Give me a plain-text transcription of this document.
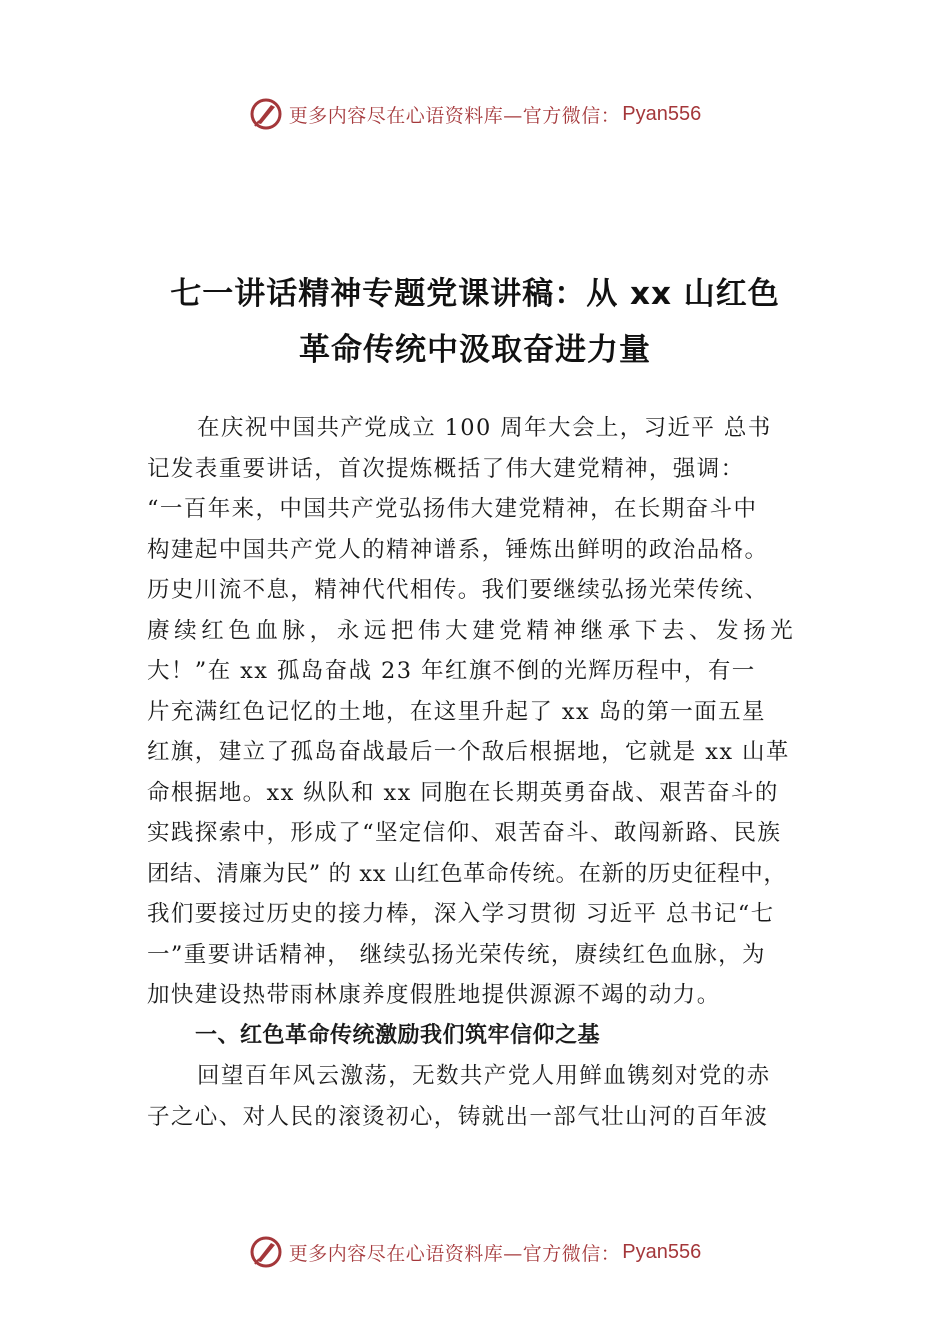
更多内容尽在心语资料库—官方微信： Pyan556
七一讲话精神专题党课讲稿：从 xx 山红色
革命传统中汲取奋进力量
在庆祝中国共产党成立 100 周年大会上，习近平 总书
记发表重要讲话，首次提炼概括了伟大建党精神，强调：
“一百年来，中国共产党弘扬伟大建党精神，在长期奋斗中
构建起中国共产党人的精神谱系，锤炼出鲜明的政治品格。
历史川流不息，精神代代相传。我们要继续弘扬光荣传统、
赓续红色血脉，永远把伟大建党精神继承下去、发扬光
大！”在 xx 孤岛奋战 23 年红旗不倒的光辉历程中，有一
片充满红色记忆的土地，在这里升起了 xx 岛的第一面五星
红旗，建立了孤岛奋战最后一个敌后根据地，它就是 xx 山革
命根据地。xx 纵队和 xx 同胞在长期英勇奋战、艰苦奋斗的
实践探索中，形成了“坚定信仰、艰苦奋斗、敢闯新路、民族
团结、清廉为民” 的 xx 山红色革命传统。在新的历史征程中，
我们要接过历史的接力棒，深入学习贯彻 习近平 总书记“七
一”重要讲话精神， 继续弘扬光荣传统，赓续红色血脉，为
加快建设热带雨林康养度假胜地提供源源不竭的动力。
一、红色革命传统激励我们筑牢信仰之基
回望百年风云激荡，无数共产党人用鲜血镌刻对党的赤
子之心、对人民的滚烫初心，铸就出一部气壮山河的百年波
更多内容尽在心语资料库—官方微信： Pyan556
